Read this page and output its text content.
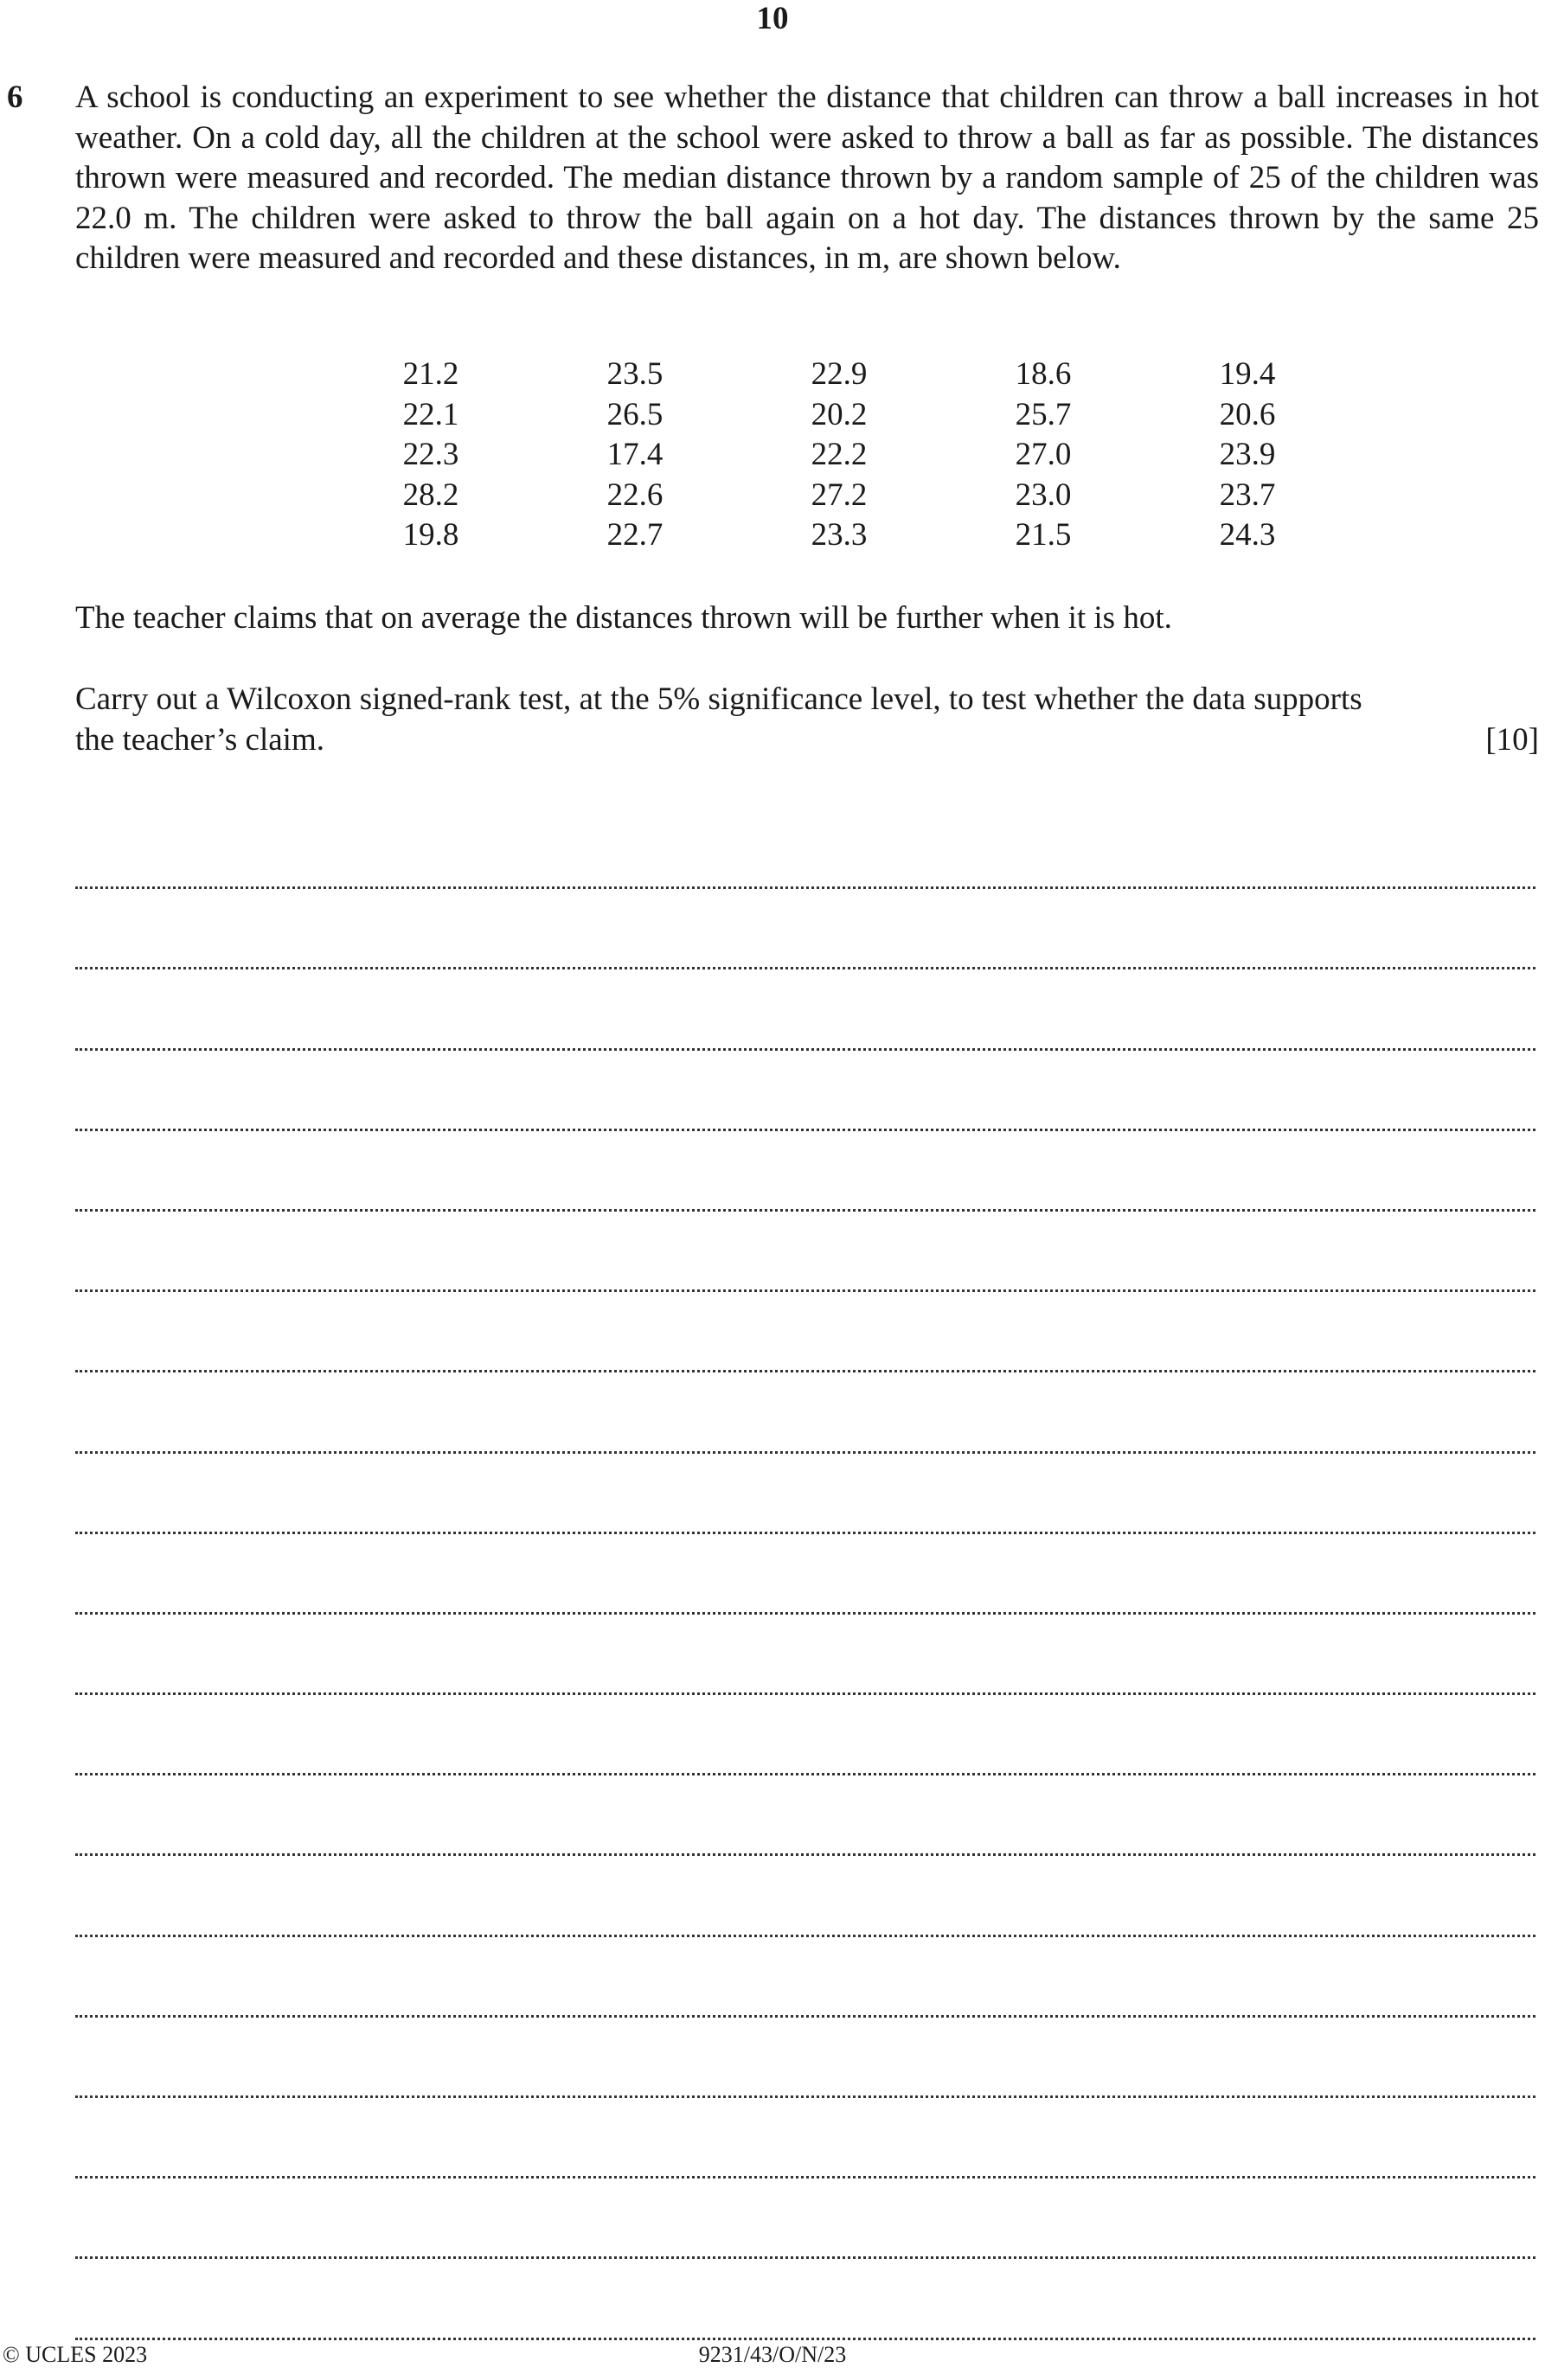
10
6 A school is conducting an experiment to see whether the distance that children can throw a ball increases in hot weather. On a cold day, all the children at the school were asked to throw a ball as far as possible. The distances thrown were measured and recorded. The median distance thrown by a random sample of 25 of the children was 22.0 m. The children were asked to throw the ball again on a hot day. The distances thrown by the same 25 children were measured and recorded and these distances, in m, are shown below.
21.2	23.5	22.9	18.6	19.4
22.1	26.5	20.2	25.7	20.6
22.3	17.4	22.2	27.0	23.9
28.2	22.6	27.2	23.0	23.7
19.8	22.7	23.3	21.5	24.3
The teacher claims that on average the distances thrown will be further when it is hot.
Carry out a Wilcoxon signed-rank test, at the 5% significance level, to test whether the data supports
the teacher’s claim.	[10]
© UCLES 2023	9231/43/O/N/23
